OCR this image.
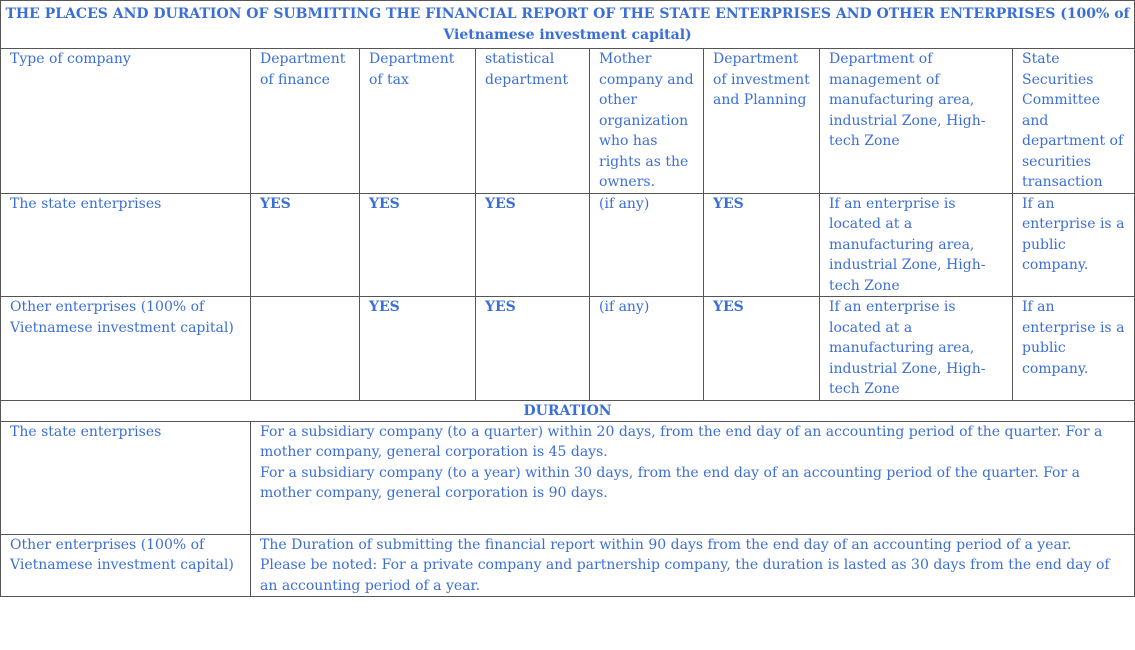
THE PLACES AND DURATION OF SUBMITTING THE FINANCIAL REPORT OF THE STATE ENTERPRISES AND OTHER ENTERPRISES (100% of Vietnamese investment capital)							
Type of company	Department of finance	Department of tax	statistical department	Mother company and other organization who has rights as the owners.	Department of investment and Planning	Department of management of manufacturing area, industrial Zone, High-tech Zone	State Securities Committee and department of securities transaction
The state enterprises	YES	YES	YES	(if any)	YES	If an enterprise is located at a manufacturing area, industrial Zone, High-tech Zone	If an enterprise is a public company.
Other enterprises (100% of Vietnamese investment capital)		YES	YES	(if any)	YES	If an enterprise is located at a manufacturing area, industrial Zone, High-tech Zone	If an enterprise is a public company.
DURATION							
The state enterprises	For a subsidiary company (to a quarter) within 20 days, from the end day of an accounting period of the quarter. For a mother company, general corporation is 45 days.
For a subsidiary company (to a year) within 30 days, from the end day of an accounting period of the quarter. For a mother company, general corporation is 90 days.						

Other enterprises (100% of Vietnamese investment capital)	The Duration of submitting the financial report within 90 days from the end day of an accounting period of a year.
Please be noted: For a private company and partnership company, the duration is lasted as 30 days from the end day of an accounting period of a year.						
